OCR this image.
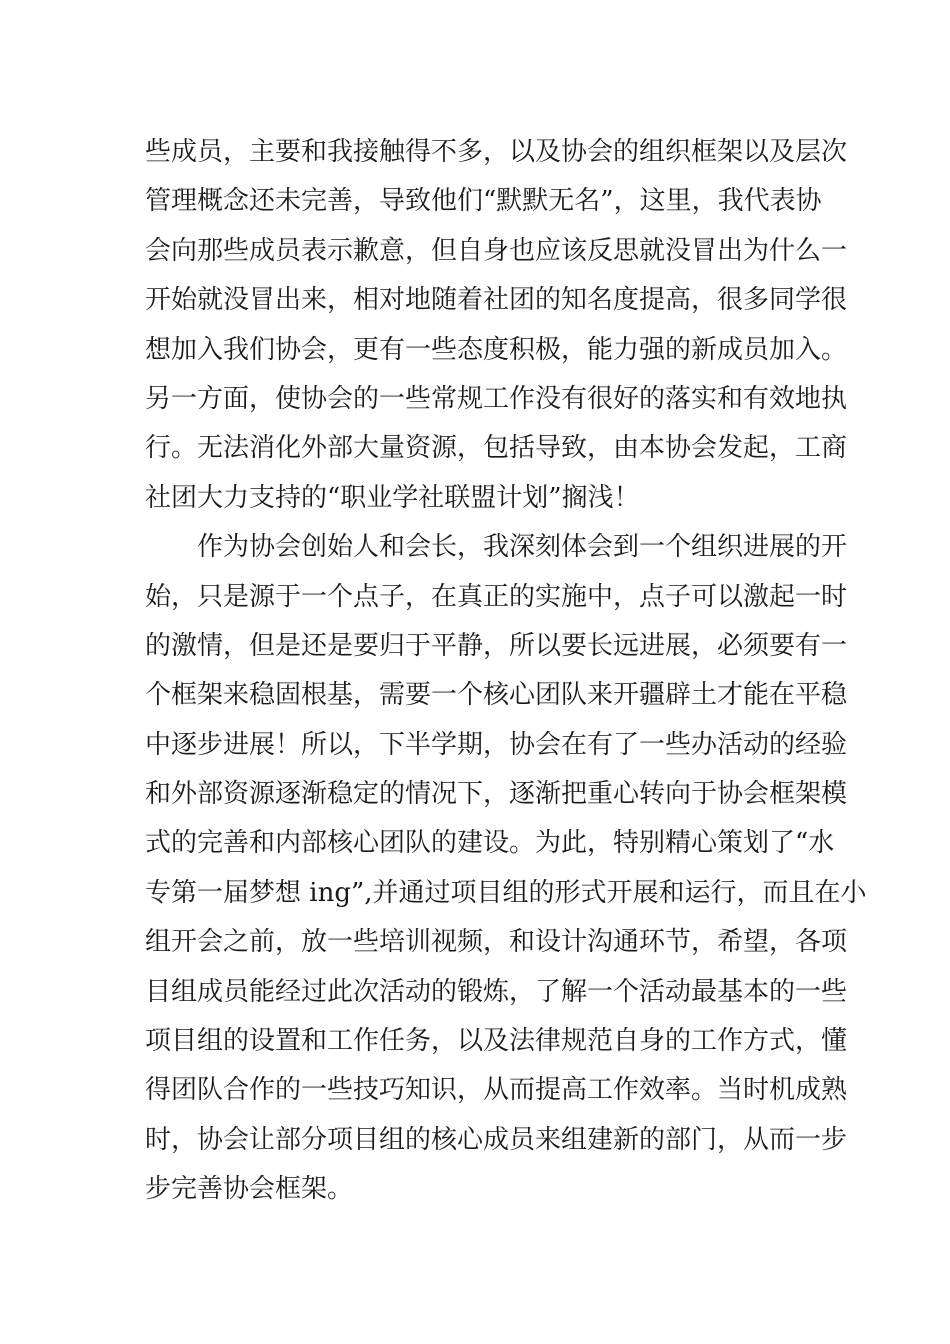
些成员，主要和我接触得不多，以及协会的组织框架以及层次
管理概念还未完善，导致他们“默默无名”，这里，我代表协
会向那些成员表示歉意，但自身也应该反思就没冒出为什么一
开始就没冒出来，相对地随着社团的知名度提高，很多同学很
想加入我们协会，更有一些态度积极，能力强的新成员加入。
另一方面，使协会的一些常规工作没有很好的落实和有效地执
行。无法消化外部大量资源，包括导致，由本协会发起，工商
社团大力支持的“职业学社联盟计划”搁浅！
作为协会创始人和会长，我深刻体会到一个组织进展的开
始，只是源于一个点子，在真正的实施中，点子可以激起一时
的激情，但是还是要归于平静，所以要长远进展，必须要有一
个框架来稳固根基，需要一个核心团队来开疆辟土才能在平稳
中逐步进展！所以，下半学期，协会在有了一些办活动的经验
和外部资源逐渐稳定的情况下，逐渐把重心转向于协会框架模
式的完善和内部核心团队的建设。为此，特别精心策划了“水
专第一届梦想 ing”,并通过项目组的形式开展和运行，而且在小
组开会之前，放一些培训视频，和设计沟通环节，希望，各项
目组成员能经过此次活动的锻炼，了解一个活动最基本的一些
项目组的设置和工作任务，以及法律规范自身的工作方式，懂
得团队合作的一些技巧知识，从而提高工作效率。当时机成熟
时，协会让部分项目组的核心成员来组建新的部门，从而一步
步完善协会框架。
